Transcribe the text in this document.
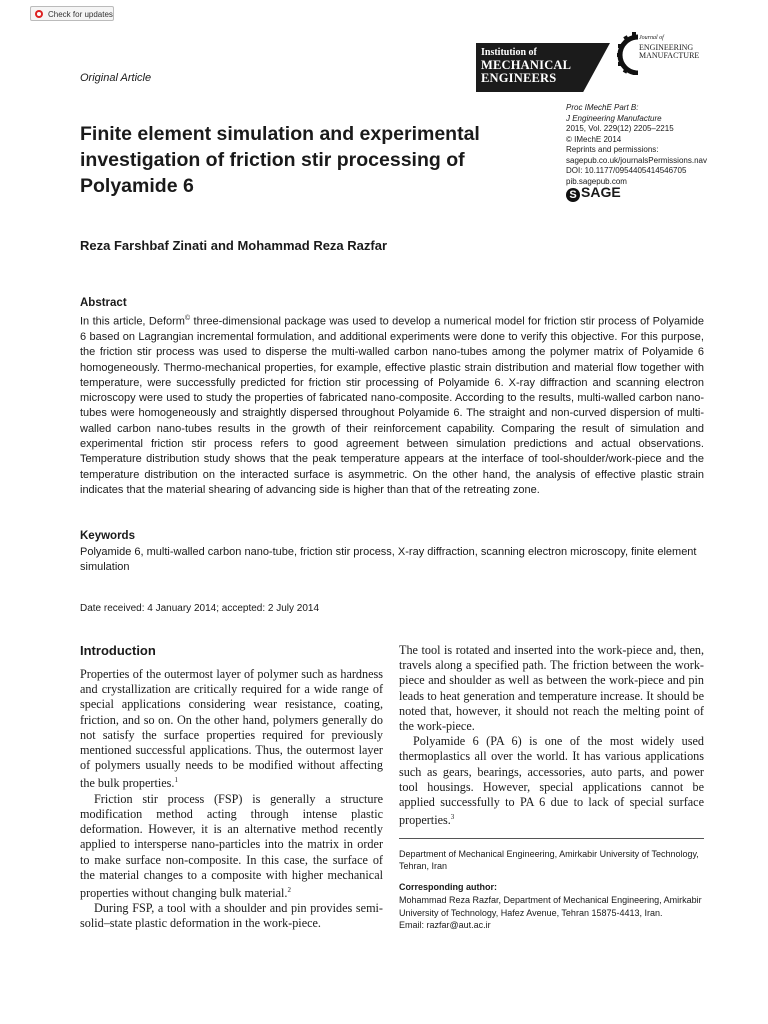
Check for updates
Original Article
Institution of
MECHANICAL
ENGINEERS
Journal of
ENGINEERING
MANUFACTURE
Proc IMechE Part B:
J Engineering Manufacture
2015, Vol. 229(12) 2205–2215
© IMechE 2014
Reprints and permissions:
sagepub.co.uk/journalsPermissions.nav
DOI: 10.1177/0954405414546705
pib.sagepub.com
S SAGE
Finite element simulation and experimental investigation of friction stir processing of Polyamide 6
Reza Farshbaf Zinati and Mohammad Reza Razfar
Abstract
In this article, Deform© three-dimensional package was used to develop a numerical model for friction stir process of Polyamide 6 based on Lagrangian incremental formulation, and additional experiments were done to verify this objective. For this purpose, the friction stir process was used to disperse the multi-walled carbon nano-tubes among the polymer matrix of Polyamide 6 homogeneously. Thermo-mechanical properties, for example, effective plastic strain distribution and material flow together with temperature, were successfully predicted for friction stir processing of Polyamide 6. X-ray diffraction and scanning electron microscopy were used to study the properties of fabricated nano-composite. According to the results, multi-walled carbon nano-tubes were homogeneously and straightly dispersed throughout Polyamide 6. The straight and non-curved dispersion of multi-walled carbon nano-tubes results in the growth of their reinforcement capability. Comparing the result of simulation and experimental friction stir process refers to good agreement between simulation predictions and actual observations. Temperature distribution study shows that the peak temperature appears at the interface of tool-shoulder/work-piece and the temperature distribution on the interacted surface is asymmetric. On the other hand, the analysis of effective plastic strain indicates that the material shearing of advancing side is higher than that of the retreating zone.
Keywords
Polyamide 6, multi-walled carbon nano-tube, friction stir process, X-ray diffraction, scanning electron microscopy, finite element simulation
Date received: 4 January 2014; accepted: 2 July 2014
Introduction

Properties of the outermost layer of polymer such as hardness and crystallization are critically required for a wide range of special applications considering wear resistance, coating, friction, and so on. On the other hand, polymers generally do not satisfy the surface properties required for previously mentioned successful applications. Thus, the outermost layer of polymers usually needs to be modified without affecting the bulk properties.$^1$

Friction stir process (FSP) is generally a structure modification method acting through intense plastic deformation. However, it is an alternative method recently applied to intersperse nano-particles into the matrix in order to make surface non-composite. In this case, the surface of the material changes to a composite with higher mechanical properties without changing bulk material.$^2$

During FSP, a tool with a shoulder and pin provides semi-solid–state plastic deformation in the work-piece.

The tool is rotated and inserted into the work-piece and, then, travels along a specified path. The friction between the work-piece and shoulder as well as between the work-piece and pin leads to heat generation and temperature increase. It should be noted that, however, it should not reach the melting point of the work-piece.

Polyamide 6 (PA 6) is one of the most widely used thermoplastics all over the world. It has various applications such as gears, bearings, accessories, auto parts, and power tool housings. However, special applications cannot be applied successfully to PA 6 due to lack of special surface properties.$^3$

Department of Mechanical Engineering, Amirkabir University of Technology, Tehran, Iran
Corresponding author:
Mohammad Reza Razfar, Department of Mechanical Engineering, Amirkabir University of Technology, Hafez Avenue, Tehran 15875-4413, Iran.
Email: razfar@aut.ac.ir
